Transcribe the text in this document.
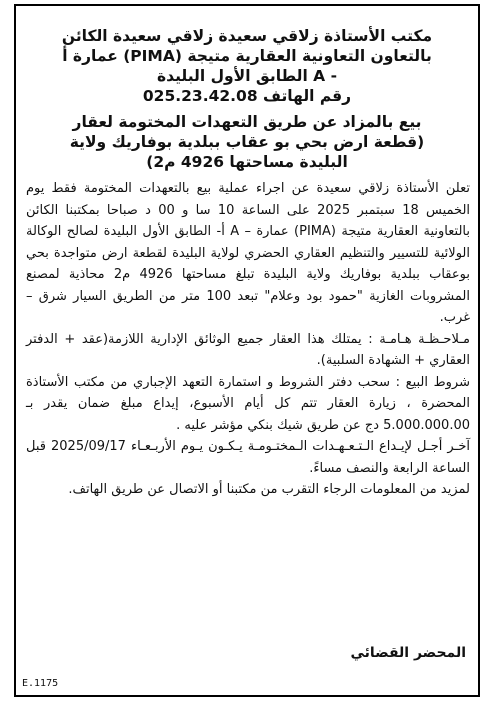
مكتب الأستاذة زلاقي سعيدة زلاقي سعيدة الكائن

بالتعاون التعاونية العقارية متيجة (PIMA) عمارة أ

- A الطابق الأول البليدة

رقم الهاتف 025.23.42.08

بيع بالمزاد عن طريق التعهدات المختومة لعقار

(قطعة ارض بحي بو عقاب ببلدية بوفاريك ولاية

البليدة مساحتها 4926 م2)

تعلن الأستاذة زلاقي سعيدة عن اجراء عملية بيع بالتعهدات المختومة فقط يوم الخميس 18 سبتمبر 2025 على الساعة 10 سا و 00 د صباحا بمكتبنا الكائن بالتعاونية العقارية متيجة (PIMA) عمارة – A أ- الطابق الأول البليدة لصالح الوكالة الولائية للتسيير والتنظيم العقاري الحضري لولاية البليدة لقطعة ارض متواجدة بحي بوعقاب ببلدية بوفاريك ولاية البليدة تبلغ مساحتها 4926 م2 محاذية لمصنع المشروبات الغازية "حمود بود وعلام" تبعد 100 متر من الطريق السيار شرق – غرب.

مـلاحـظـة هـامـة : يمتلك هذا العقار جميع الوثائق الإدارية اللازمة(عقد + الدفتر العقاري + الشهادة السلبية).

شروط البيع : سحب دفتر الشروط و استمارة التعهد الإجباري من مكتب الأستاذة المحضرة ، زيارة العقار تتم كل أيام الأسبوع، إيداع مبلغ ضمان يقدر بـ 5.000.000.00 دج عن طريق شيك بنكي مؤشر عليه .

آخـر أجـل لإيـداع الـتـعـهـدات الـمختـومـة يـكـون يـوم الأربـعـاء 2025/09/17 قبل الساعة الرابعة والنصف مساءً.

لمزيد من المعلومات الرجاء التقرب من مكتبنا أو الاتصال عن طريق الهاتف.

المحضر القضائي
E.1175
